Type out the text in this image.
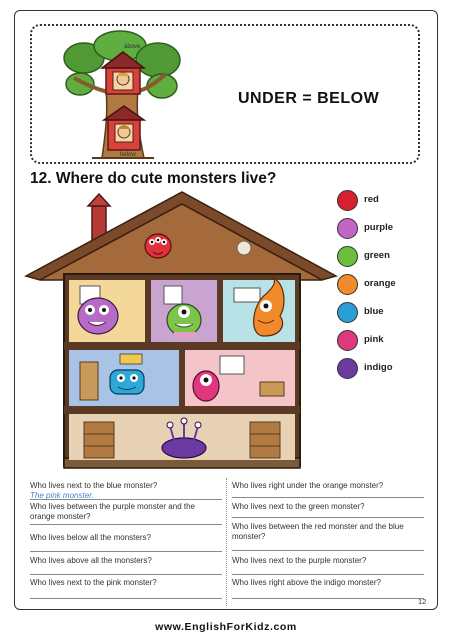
above
below
UNDER = BELOW
12. Where do cute monsters live?
red
purple
green
orange
blue
pink
indigo
Who lives next to the blue monster?
The pink monster.
Who lives between the purple monster and the orange monster?
Who lives below all the monsters?
Who lives above all the monsters?
Who lives next to the pink monster?
Who lives right under the orange monster?
Who lives next to the green monster?
Who lives between the red monster and the blue monster?
Who lives next to the purple monster?
Who lives right above the indigo monster?
12
www.EnglishForKidz.com
